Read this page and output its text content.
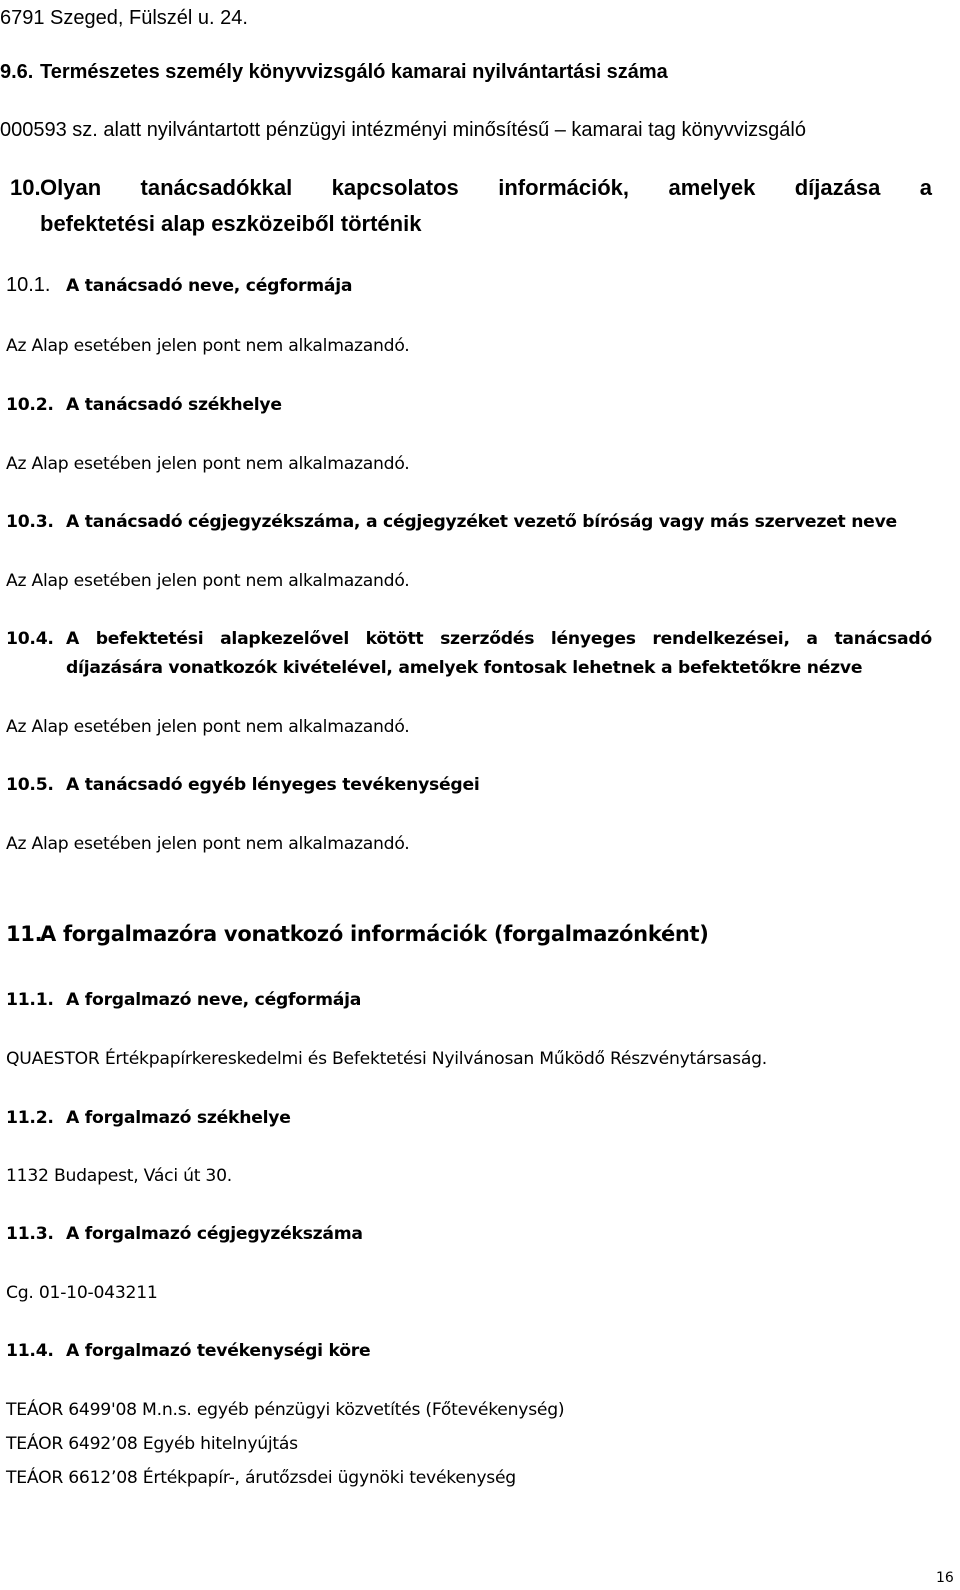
6791 Szeged, Fülszél u. 24.
9.6. Természetes személy könyvvizsgáló kamarai nyilvántartási száma
000593 sz. alatt nyilvántartott pénzügyi intézményi minősítésű – kamarai tag könyvvizsgáló
10. Olyan tanácsadókkal kapcsolatos információk, amelyek díjazása a
befektetési alap eszközeiből történik
10.1. A tanácsadó neve, cégformája
Az Alap esetében jelen pont nem alkalmazandó.
10.2. A tanácsadó székhelye
Az Alap esetében jelen pont nem alkalmazandó.
10.3. A tanácsadó cégjegyzékszáma, a cégjegyzéket vezető bíróság vagy más szervezet neve
Az Alap esetében jelen pont nem alkalmazandó.
10.4. A befektetési alapkezelővel kötött szerződés lényeges rendelkezései, a tanácsadó
díjazására vonatkozók kivételével, amelyek fontosak lehetnek a befektetőkre nézve
Az Alap esetében jelen pont nem alkalmazandó.
10.5. A tanácsadó egyéb lényeges tevékenységei
Az Alap esetében jelen pont nem alkalmazandó.
11.
A forgalmazóra vonatkozó információk (forgalmazónként)
11.1. A forgalmazó neve, cégformája
QUAESTOR Értékpapírkereskedelmi és Befektetési Nyilvánosan Működő Részvénytársaság.
11.2. A forgalmazó székhelye
1132 Budapest, Váci út 30.
11.3. A forgalmazó cégjegyzékszáma
Cg. 01-10-043211
11.4. A forgalmazó tevékenységi köre
TEÁOR 6499'08 M.n.s. egyéb pénzügyi közvetítés (Főtevékenység)
TEÁOR 6492’08 Egyéb hitelnyújtás
TEÁOR 6612’08 Értékpapír-, árutőzsdei ügynöki tevékenység
16
